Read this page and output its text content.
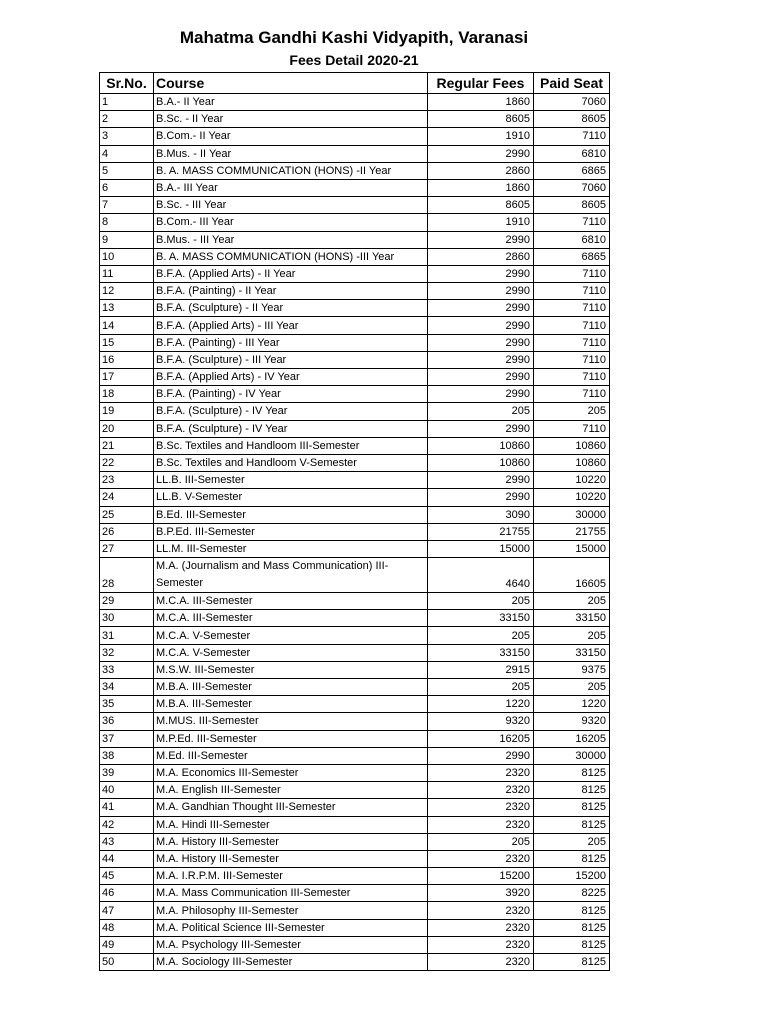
Mahatma Gandhi Kashi Vidyapith, Varanasi
Fees Detail 2020-21
Sr.No.	Course	Regular Fees	Paid Seat
1	B.A.- II Year	1860	7060
2	B.Sc. - II Year	8605	8605
3	B.Com.- II Year	1910	7110
4	B.Mus. - II Year	2990	6810
5	B. A. MASS COMMUNICATION (HONS) -II Year	2860	6865
6	B.A.- III Year	1860	7060
7	B.Sc. - III Year	8605	8605
8	B.Com.- III Year	1910	7110
9	B.Mus. - III Year	2990	6810
10	B. A. MASS COMMUNICATION (HONS) -III Year	2860	6865
11	B.F.A. (Applied Arts) - II Year	2990	7110
12	B.F.A. (Painting) - II Year	2990	7110
13	B.F.A. (Sculpture) - II Year	2990	7110
14	B.F.A. (Applied Arts) - III Year	2990	7110
15	B.F.A. (Painting) - III Year	2990	7110
16	B.F.A. (Sculpture) - III Year	2990	7110
17	B.F.A. (Applied Arts) - IV Year	2990	7110
18	B.F.A. (Painting) - IV Year	2990	7110
19	B.F.A. (Sculpture) - IV Year	205	205
20	B.F.A. (Sculpture) - IV Year	2990	7110
21	B.Sc. Textiles and Handloom III-Semester	10860	10860
22	B.Sc. Textiles and Handloom V-Semester	10860	10860
23	LL.B. III-Semester	2990	10220
24	LL.B. V-Semester	2990	10220
25	B.Ed. III-Semester	3090	30000
26	B.P.Ed. III-Semester	21755	21755
27	LL.M. III-Semester	15000	15000
28	M.A. (Journalism and Mass Communication) III-Semester	4640	16605
29	M.C.A. III-Semester	205	205
30	M.C.A. III-Semester	33150	33150
31	M.C.A. V-Semester	205	205
32	M.C.A. V-Semester	33150	33150
33	M.S.W. III-Semester	2915	9375
34	M.B.A. III-Semester	205	205
35	M.B.A. III-Semester	1220	1220
36	M.MUS. III-Semester	9320	9320
37	M.P.Ed. III-Semester	16205	16205
38	M.Ed. III-Semester	2990	30000
39	M.A. Economics III-Semester	2320	8125
40	M.A. English III-Semester	2320	8125
41	M.A. Gandhian Thought III-Semester	2320	8125
42	M.A. Hindi III-Semester	2320	8125
43	M.A. History III-Semester	205	205
44	M.A. History III-Semester	2320	8125
45	M.A. I.R.P.M. III-Semester	15200	15200
46	M.A. Mass Communication III-Semester	3920	8225
47	M.A. Philosophy III-Semester	2320	8125
48	M.A. Political Science III-Semester	2320	8125
49	M.A. Psychology III-Semester	2320	8125
50	M.A. Sociology III-Semester	2320	8125
